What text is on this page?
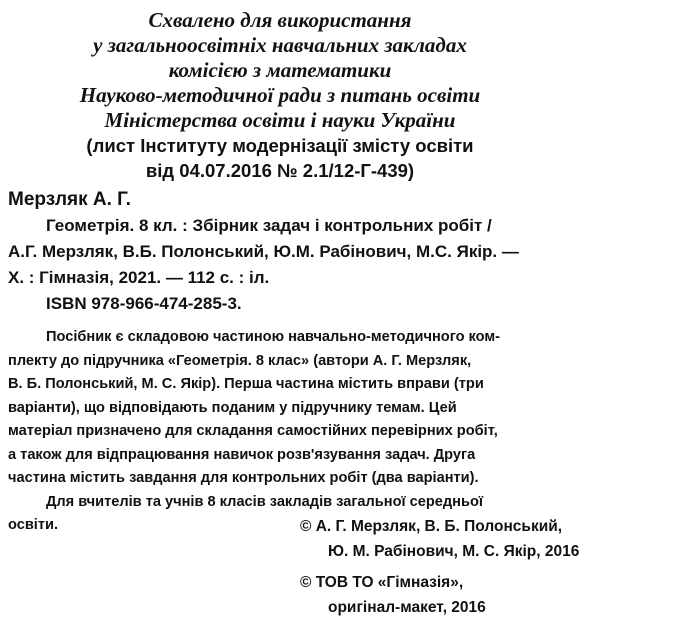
Схвалено для використання
у загальноосвітніх навчальних закладах
комісією з математики
Науково-методичної ради з питань освіти
Міністерства освіти і науки України
(лист Інституту модернізації змісту освіти
від 04.07.2016 № 2.1/12-Г-439)
Мерзляк А. Г.
Геометрія. 8 кл. : Збірник задач і контрольних робіт /
А.Г. Мерзляк, В.Б. Полонський, Ю.М. Рабінович, М.С. Якір. —
Х. : Гімназія, 2021. — 112 с. : іл.
ISBN 978-966-474-285-3.
Посібник є складовою частиною навчально-методичного ком-
плекту до підручника «Геометрія. 8 клас» (автори А. Г. Мерзляк,
В. Б. Полонський, М. С. Якір). Перша частина містить вправи (три
варіанти), що відповідають поданим у підручнику темам. Цей
матеріал призначено для складання самостійних перевірних робіт,
а також для відпрацювання навичок розв'язування задач. Друга
частина містить завдання для контрольних робіт (два варіанти).
Для вчителів та учнів 8 класів закладів загальної середньої
освіти.	© А. Г. Мерзляк, В. Б. Полонський,
Ю. М. Рабінович, М. С. Якір, 2016
© ТОВ ТО «Гімназія»,
оригінал-макет, 2016
